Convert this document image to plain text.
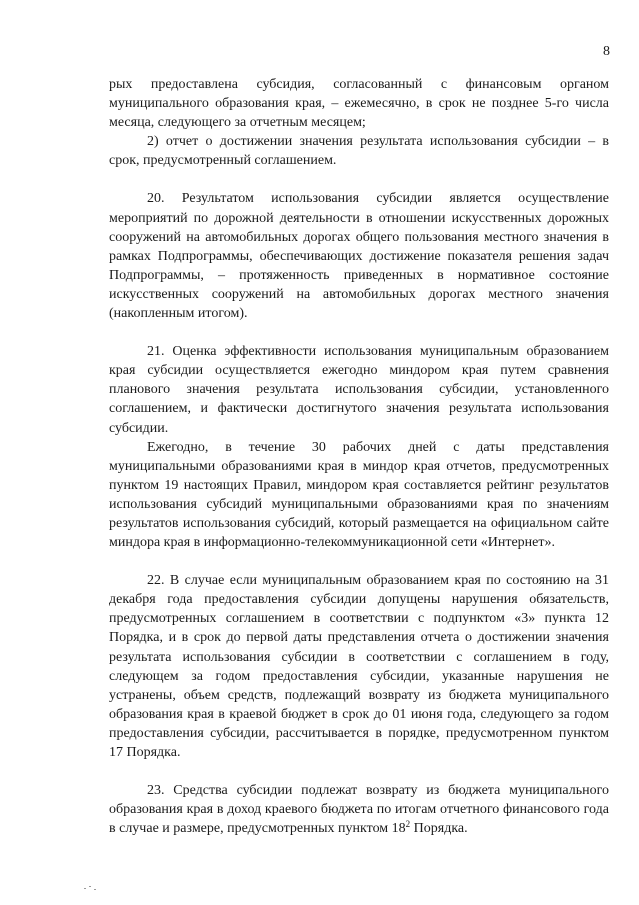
8

рых предоставлена субсидия, согласованный с финансовым органом муниципального образования края, – ежемесячно, в срок не позднее 5-го числа месяца, следующего за отчетным месяцем;

2) отчет о достижении значения результата использования субсидии – в срок, предусмотренный соглашением.

20. Результатом использования субсидии является осуществление мероприятий по дорожной деятельности в отношении искусственных дорожных сооружений на автомобильных дорогах общего пользования местного значения в рамках Подпрограммы, обеспечивающих достижение показателя решения задач Подпрограммы, – протяженность приведенных в нормативное состояние искусственных сооружений на автомобильных дорогах местного значения (накопленным итогом).

21. Оценка эффективности использования муниципальным образованием края субсидии осуществляется ежегодно миндором края путем сравнения планового значения результата использования субсидии, установленного соглашением, и фактически достигнутого значения результата использования субсидии.

Ежегодно, в течение 30 рабочих дней с даты представления муниципальными образованиями края в миндор края отчетов, предусмотренных пунктом 19 настоящих Правил, миндором края составляется рейтинг результатов использования субсидий муниципальными образованиями края по значениям результатов использования субсидий, который размещается на официальном сайте миндора края в информационно-телекоммуникационной сети «Интернет».

22. В случае если муниципальным образованием края по состоянию на 31 декабря года предоставления субсидии допущены нарушения обязательств, предусмотренных соглашением в соответствии с подпунктом «3» пункта 12 Порядка, и в срок до первой даты представления отчета о достижении значения результата использования субсидии в соответствии с соглашением в году, следующем за годом предоставления субсидии, указанные нарушения не устранены, объем средств, подлежащий возврату из бюджета муниципального образования края в краевой бюджет в срок до 01 июня года, следующего за годом предоставления субсидии, рассчитывается в порядке, предусмотренном пунктом 17 Порядка.

23. Средства субсидии подлежат возврату из бюджета муниципального образования края в доход краевого бюджета по итогам отчетного финансового года в случае и размере, предусмотренных пунктом $18^2$ Порядка.
